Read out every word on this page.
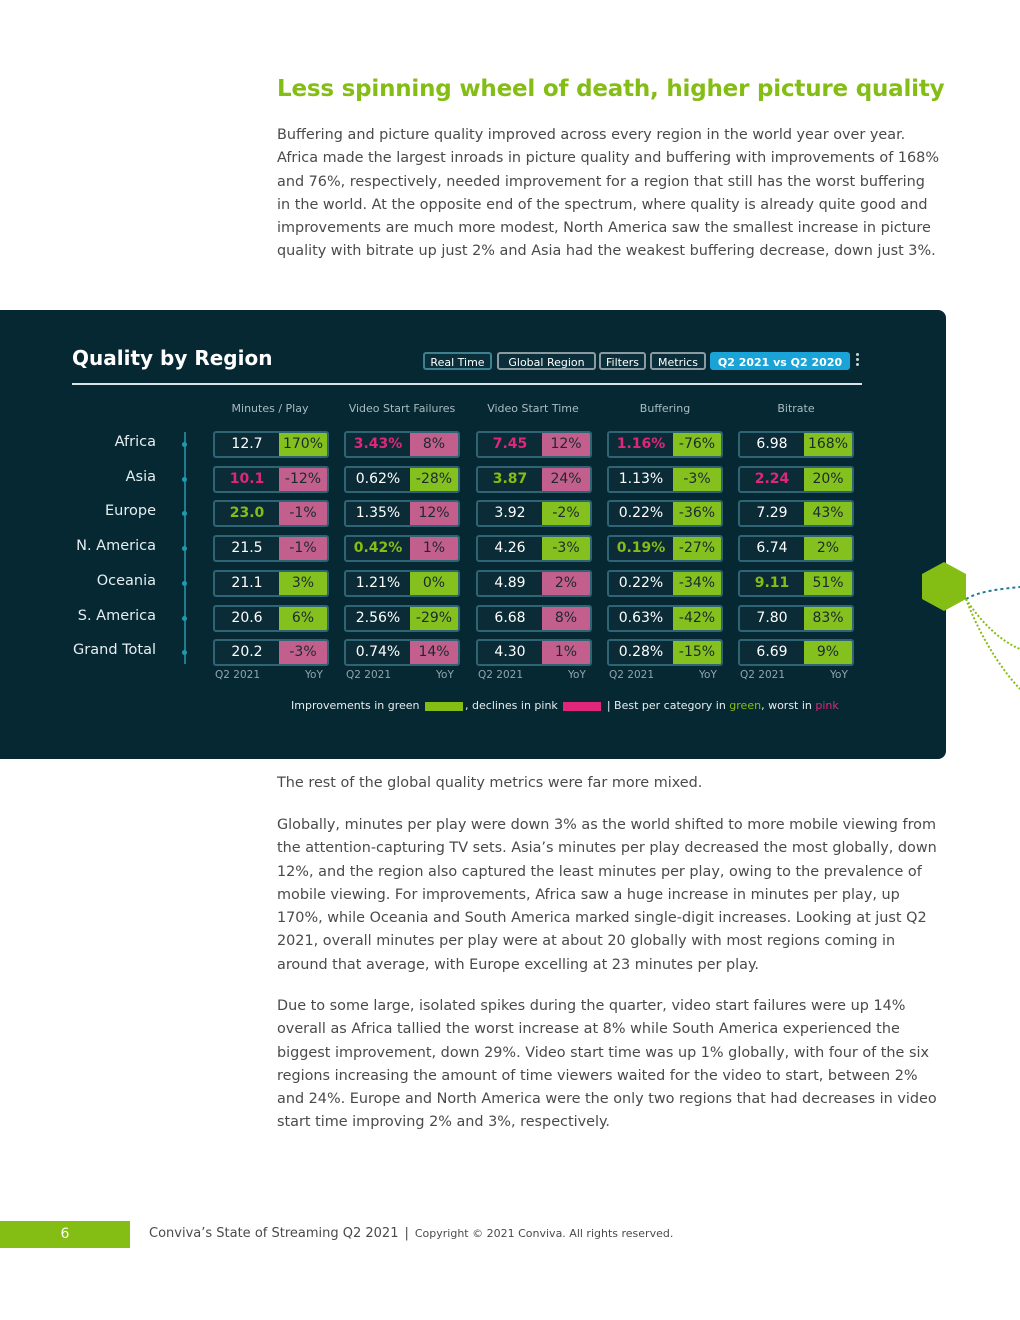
Less spinning wheel of death, higher picture quality

Buffering and picture quality improved across every region in the world year over year. Africa made the largest inroads in picture quality and buffering with improvements of 168% and 76%, respectively, needed improvement for a region that still has the worst buffering in the world. At the opposite end of the spectrum, where quality is already quite good and improvements are much more modest, North America saw the smallest increase in picture quality with bitrate up just 2% and Asia had the weakest buffering decrease, down just 3%.

Quality by Region	Real Time	Global Region	Filters	Metrics	Q2 2021 vs Q2 2020
Minutes / Play	Video Start Failures	Video Start Time	Buffering	Bitrate
Africa	12.7	170%	3.43%	8%	7.45	12%	1.16% -76%	6.98	168%
Asia	10.1	-12%	0.62%	-28%	3.87	24%	1.13%	-3%	2.24	20%
Europe	23.0	-1%	1.35%	12%	3.92	-2%	0.22%	-36%	7.29	43%
N. America	21.5	-1%	0.42%	1%	4.26	-3%	0.19% -27%	6.74	2%
Oceania	21.1	3%	1.21%	0%	4.89	2%	0.22%	-34%	9.11	51%
S. America	20.6	6%	2.56%	-29%	6.68	8%	0.63%	-42%	7.80	83%
Grand Total	20.2	-3%	0.74%	14%	4.30	1%	0.28%	-15%	6.69	9%
Q2 2021	YoY Q2 2021	YoY Q2 2021	YoY Q2 2021	YoY Q2 2021	YoY
Improvements in green	, declines in pink	| Best per category in green, worst in pink

The rest of the global quality metrics were far more mixed.

Globally, minutes per play were down 3% as the world shifted to more mobile viewing from the attention-capturing TV sets. Asia’s minutes per play decreased the most globally, down 12%, and the region also captured the least minutes per play, owing to the prevalence of mobile viewing. For improvements, Africa saw a huge increase in minutes per play, up 170%, while Oceania and South America marked single-digit increases. Looking at just Q2 2021, overall minutes per play were at about 20 globally with most regions coming in around that average, with Europe excelling at 23 minutes per play.

Due to some large, isolated spikes during the quarter, video start failures were up 14% overall as Africa tallied the worst increase at 8% while South America experienced the biggest improvement, down 29%. Video start time was up 1% globally, with four of the six regions increasing the amount of time viewers waited for the video to start, between 2% and 24%. Europe and North America were the only two regions that had decreases in video start time improving 2% and 3%, respectively.

6	Conviva’s State of Streaming Q2 2021 | Copyright © 2021 Conviva. All rights reserved.
